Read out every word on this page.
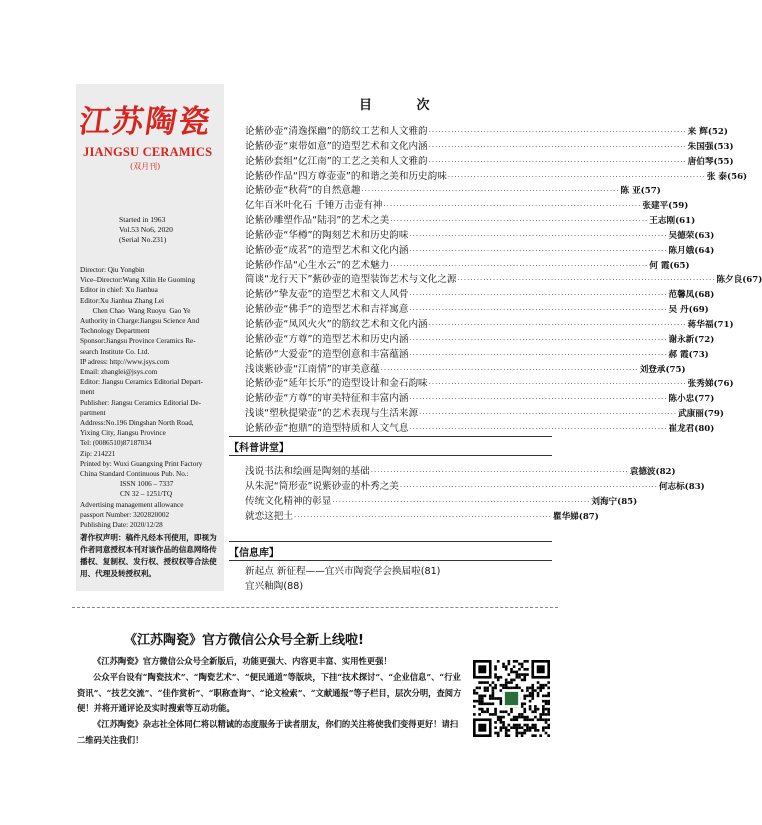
江苏陶瓷
JIANGSU CERAMICS
(双月刊)
Started in 1963
Vol.53 No6, 2020
(Serial No.231)
Director: Qiu Yongbin
Vice–Director:Wang Xilin He Guoming
Editor in chief: Xu Jianhua
Editor:Xu Jianhua Zhang Lei
Chen Chao  Wang Ruoyu  Gao Ye
Authority in Charge:Jiangsu Science And
Technology Department
Sponsor:Jiangsu Province Ceramics Re-
search Institute Co. Ltd.
IP adress: http://www.jsys.com
Email: zhanglei@jsys.com
Editor: Jiangsu Ceramics Editorial Depart-
ment
Publisher: Jiangsu Ceramics Editorial De-
partment
Address:No.196 Dingshan North Road,
Yixing City, Jiangsu Province
Tel: (0086510)87187034
Zip: 214221
Printed by: Wuxi Guangxing Print Factory
China Standard Continuous Pub. No.:
ISSN 1006 – 7337
CN 32 – 1251/TQ
Advertising management allowance
passport Number: 3202820002
Publishing Date: 2020/12/28
著作权声明：稿件凡经本刊使用，即视为作者同意授权本刊对该作品的信息网络传播权、复制权、发行权、授权权等合法使用、代理及转授权利。
目 次
论紫砂壶“清逸探幽”的筋纹工艺和人文雅韵 ················································································ 来 辉(52)
论紫砂壶“束带如意”的造型艺术和文化内涵 ················································································ 朱国强(53)
论紫砂套组“亿江南”的工艺之美和人文雅韵 ················································································ 唐伯琴(55)
论紫砂作品“四方尊壶壶”的和谐之美和历史韵味 ················································································ 张 泰(56)
论紫砂壶“秋荷”的自然意趣 ················································································ 陈 亚(57)
亿年百米叶化石 千锤万击壶有神 ················································································ 张建平(59)
论紫砂雕塑作品“陆羽”的艺术之美 ················································································ 王志刚(61)
论紫砂壶“华樽”的陶刻艺术和历史韵味 ················································································ 吴德荣(63)
论紫砂壶“成茗”的造型艺术和文化内涵 ················································································ 陈月娥(64)
论紫砂作品“心生水云”的艺术魅力 ················································································ 何 霞(65)
简谈“龙行天下”紫砂壶的造型装饰艺术与文化之源 ················································································ 陈夕良(67)
论紫砂“挚友壶”的造型艺术和文人风骨 ················································································ 范馨凤(68)
论紫砂壶“佛手”的造型艺术和吉祥寓意 ················································································ 吴 丹(69)
论紫砂壶“凤风火火”的筋纹艺术和文化内涵 ················································································ 蒋华福(71)
论紫砂壶“方尊”的造型艺术和历史内涵 ················································································ 谢永新(72)
论紫砂“大爱壶”的造型创意和丰富蕴涵 ················································································ 郝 霞(73)
浅谈紫砂壶“江南情”的审美意蕴 ················································································ 刘登承(75)
论紫砂壶“延年长乐”的造型设计和金石韵味 ················································································ 张秀娣(76)
论紫砂壶“方尊”的审美特征和丰富内涵 ················································································ 陈小忠(77)
浅谈“塑秋提梁壶”的艺术表现与生活来源 ················································································ 武康丽(79)
论紫砂壶“抱鼎”的造型特质和人文气息 ················································································ 崔龙君(80)
【科普讲堂】
浅说书法和绘画是陶刻的基础 ················································································ 袁德波(82)
从朱泥“筒形壶”说紫砂壶的朴秀之美 ················································································ 何志标(83)
传统文化精神的彰显 ················································································ 刘海宁(85)
就恋这把土 ················································································ 瞿华娣(87)
【信息库】
新起点 新征程——宜兴市陶瓷学会换届啦(81)
宜兴釉陶(88)
《江苏陶瓷》官方微信公众号全新上线啦!
《江苏陶瓷》官方微信公众号全新版后，功能更强大、内容更丰富、实用性更强！
公众平台设有“陶瓷技术”、“陶瓷艺术”、“便民通道”等版块，下挂“技术探讨”、“企业信息”、“行业资讯”、“技艺交流”、“佳作赏析”、“职称查询”、“论文检索”、“文献通报”等子栏目，层次分明，查阅方便！并将开通评论及实时搜索等互动功能。
《江苏陶瓷》杂志社全体同仁将以精诚的态度服务于读者朋友，你们的关注将使我们变得更好！请扫二维码关注我们！
